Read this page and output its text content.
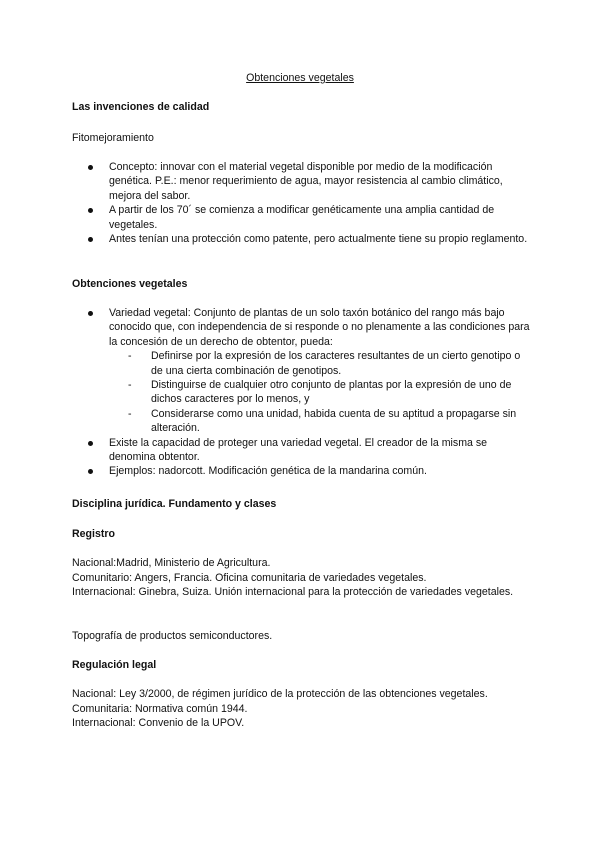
Obtenciones vegetales
Las invenciones de calidad
Fitomejoramiento
Concepto: innovar con el material vegetal disponible por medio de la modificación genética. P.E.: menor requerimiento de agua, mayor resistencia al cambio climático, mejora del sabor.
A partir de los 70´ se comienza a modificar genéticamente una amplia cantidad de vegetales.
Antes tenían una protección como patente, pero actualmente tiene su propio reglamento.
Obtenciones vegetales
Variedad vegetal: Conjunto de plantas de un solo taxón botánico del rango más bajo conocido que, con independencia de si responde o no plenamente a las condiciones para la concesión de un derecho de obtentor, pueda:
- Definirse por la expresión de los caracteres resultantes de un cierto genotipo o de una cierta combinación de genotipos.
- Distinguirse de cualquier otro conjunto de plantas por la expresión de uno de dichos caracteres por lo menos, y
- Considerarse como una unidad, habida cuenta de su aptitud a propagarse sin alteración.
Existe la capacidad de proteger una variedad vegetal. El creador de la misma se denomina obtentor.
Ejemplos: nadorcott. Modificación genética de la mandarina común.
Disciplina jurídica. Fundamento y clases
Registro
Nacional:Madrid, Ministerio de Agricultura.
Comunitario: Angers, Francia. Oficina comunitaria de variedades vegetales.
Internacional: Ginebra, Suiza. Unión internacional para la protección de variedades vegetales.
Topografía de productos semiconductores.
Regulación legal
Nacional: Ley 3/2000, de régimen jurídico de la protección de las obtenciones vegetales.
Comunitaria: Normativa común 1944.
Internacional: Convenio de la UPOV.
